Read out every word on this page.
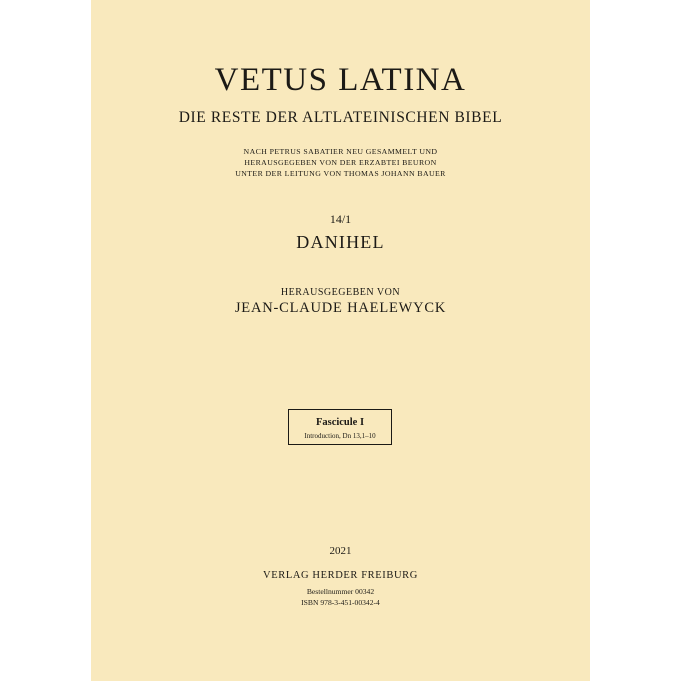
VETUS LATINA

DIE RESTE DER ALTLATEINISCHEN BIBEL

NACH PETRUS SABATIER NEU GESAMMELT UND

HERAUSGEGEBEN VON DER ERZABTEI BEURON

UNTER DER LEITUNG VON THOMAS JOHANN BAUER

14/1

DANIHEL

HERAUSGEGEBEN VON

JEAN-CLAUDE HAELEWYCK

Fascicule I
Introduction, Dn 13,1–10

2021

VERLAG HERDER FREIBURG

Bestellnummer 00342

ISBN 978-3-451-00342-4
